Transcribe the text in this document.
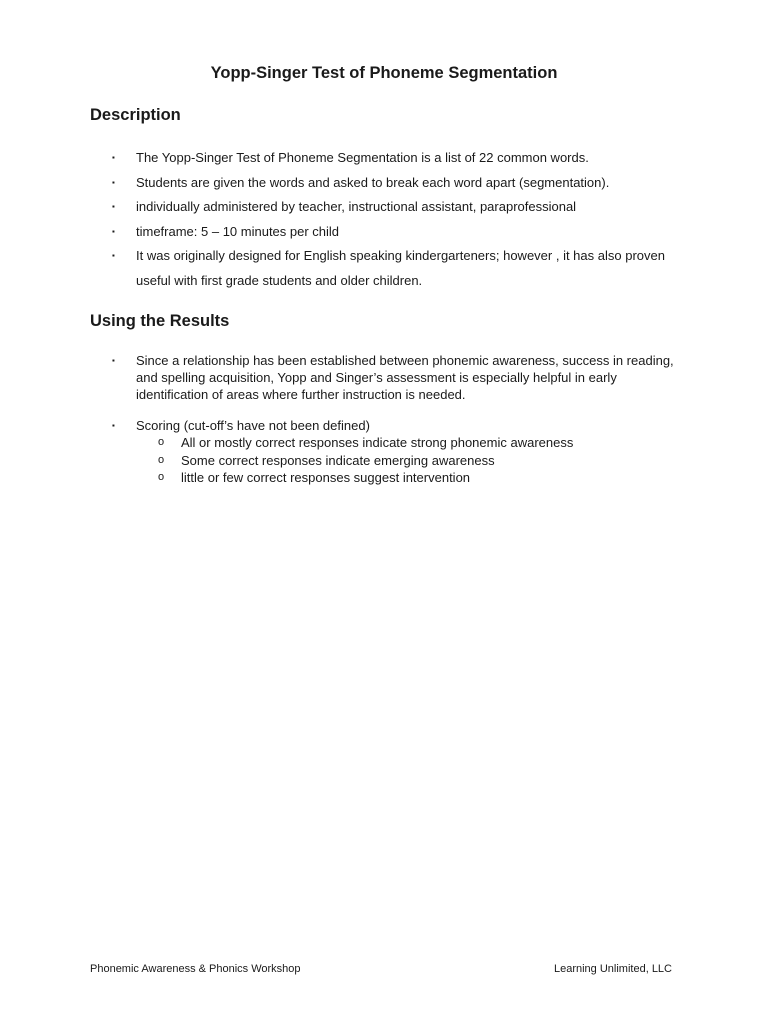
Yopp-Singer Test of Phoneme Segmentation
Description
▪ The Yopp-Singer Test of Phoneme Segmentation is a list of 22 common words.
▪ Students are given the words and asked to break each word apart (segmentation).
▪ individually administered by teacher, instructional assistant, paraprofessional
▪ timeframe: 5 – 10 minutes per child
▪ It was originally designed for English speaking kindergarteners; however , it has also proven useful with first grade students and older children.
Using the Results
▪ Since a relationship has been established between phonemic awareness, success in reading, and spelling acquisition, Yopp and Singer’s assessment is especially helpful in early identification of areas where further instruction is needed.
▪ Scoring (cut-off’s have not been defined)
o All or mostly correct responses indicate strong phonemic awareness
o Some correct responses indicate emerging awareness
o little or few correct responses suggest intervention
Phonemic Awareness & Phonics Workshop	Learning Unlimited, LLC
